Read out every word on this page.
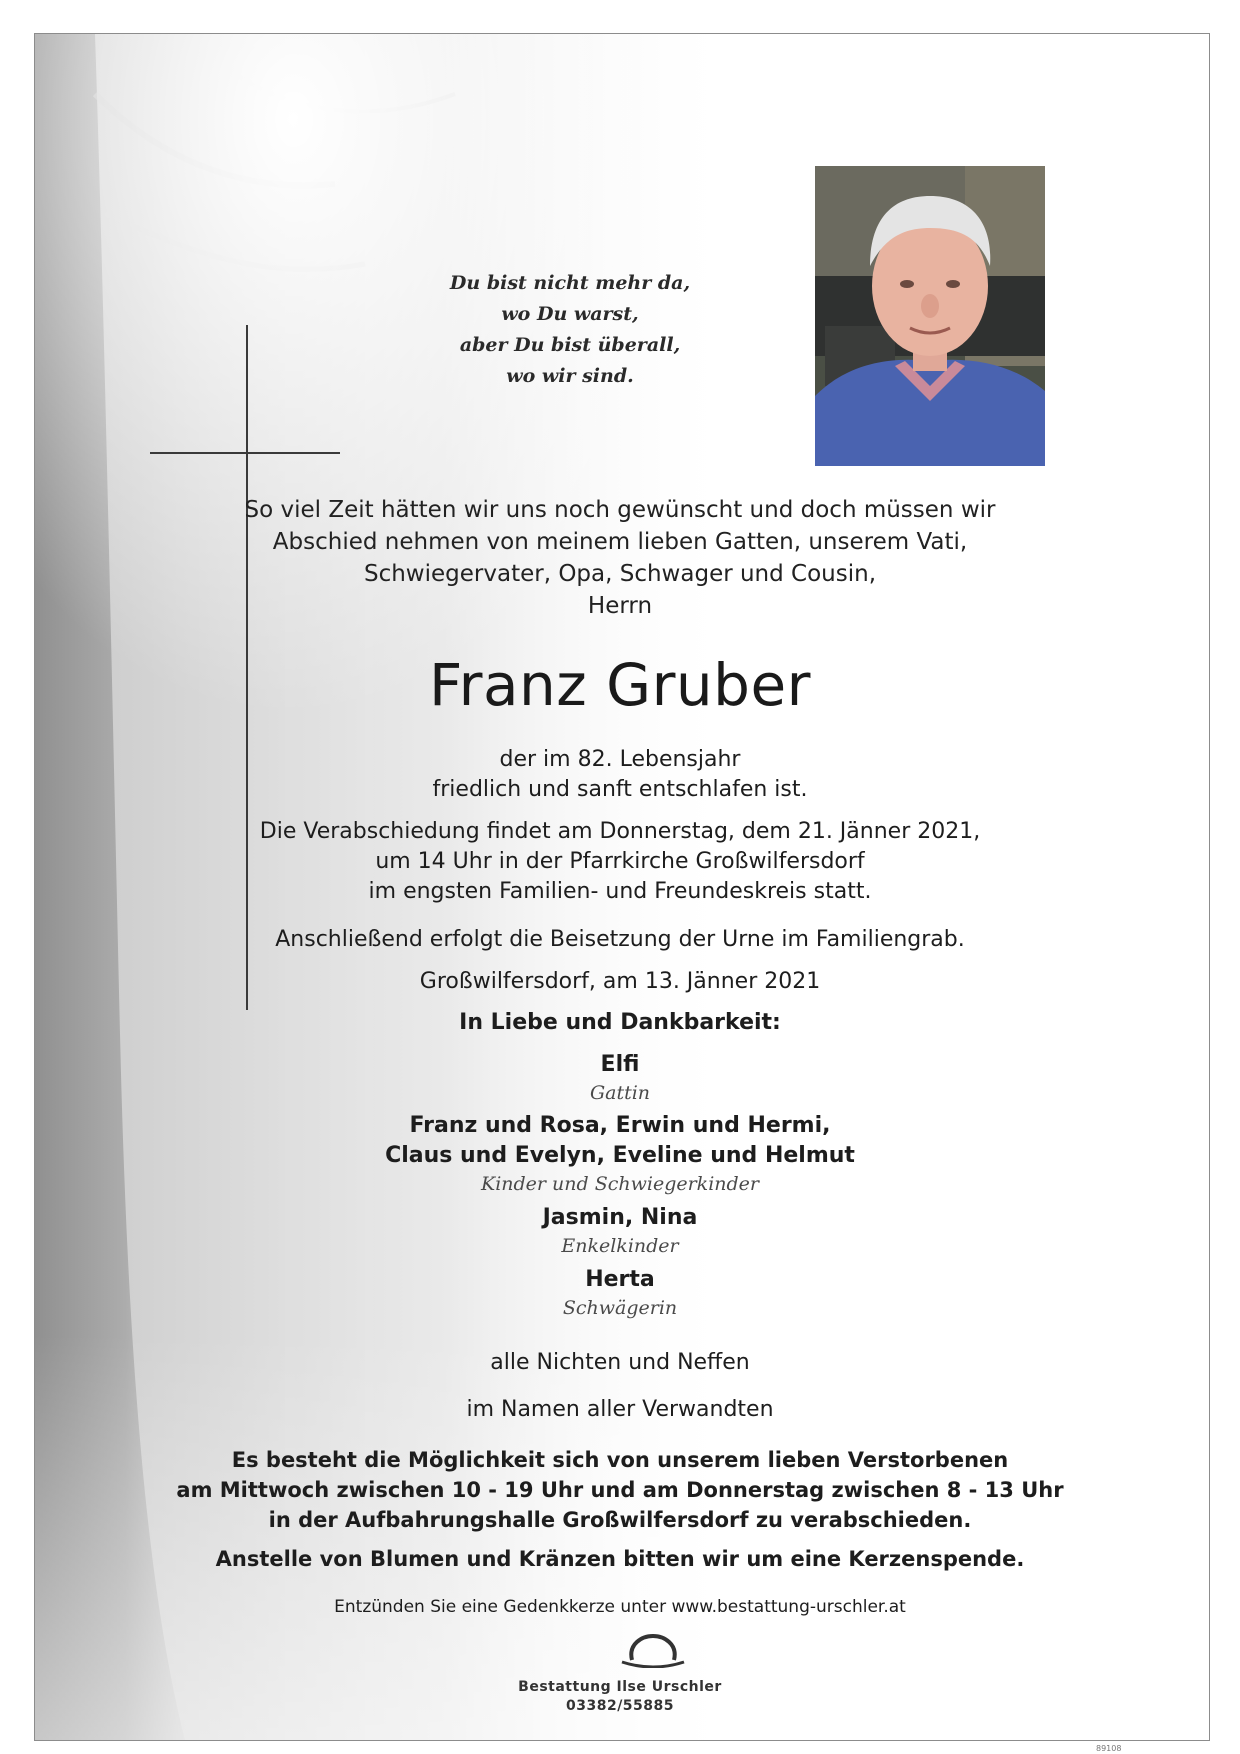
Du bist nicht mehr da,
wo Du warst,
aber Du bist überall,
wo wir sind.
So viel Zeit hätten wir uns noch gewünscht und doch müssen wir
Abschied nehmen von meinem lieben Gatten, unserem Vati,
Schwiegervater, Opa, Schwager und Cousin,
Herrn
Franz Gruber
der im 82. Lebensjahr
friedlich und sanft entschlafen ist.
Die Verabschiedung findet am Donnerstag, dem 21. Jänner 2021,
um 14 Uhr in der Pfarrkirche Großwilfersdorf
im engsten Familien- und Freundeskreis statt.
Anschließend erfolgt die Beisetzung der Urne im Familiengrab.
Großwilfersdorf, am 13. Jänner 2021
In Liebe und Dankbarkeit:
Elfi
Gattin
Franz und Rosa, Erwin und Hermi,
Claus und Evelyn, Eveline und Helmut
Kinder und Schwiegerkinder
Jasmin, Nina
Enkelkinder
Herta
Schwägerin
alle Nichten und Neffen
im Namen aller Verwandten
Es besteht die Möglichkeit sich von unserem lieben Verstorbenen
am Mittwoch zwischen 10 - 19 Uhr und am Donnerstag zwischen 8 - 13 Uhr
in der Aufbahrungshalle Großwilfersdorf zu verabschieden.
Anstelle von Blumen und Kränzen bitten wir um eine Kerzenspende.
Entzünden Sie eine Gedenkkerze unter www.bestattung-urschler.at
Bestattung Ilse Urschler
03382/55885
89108
